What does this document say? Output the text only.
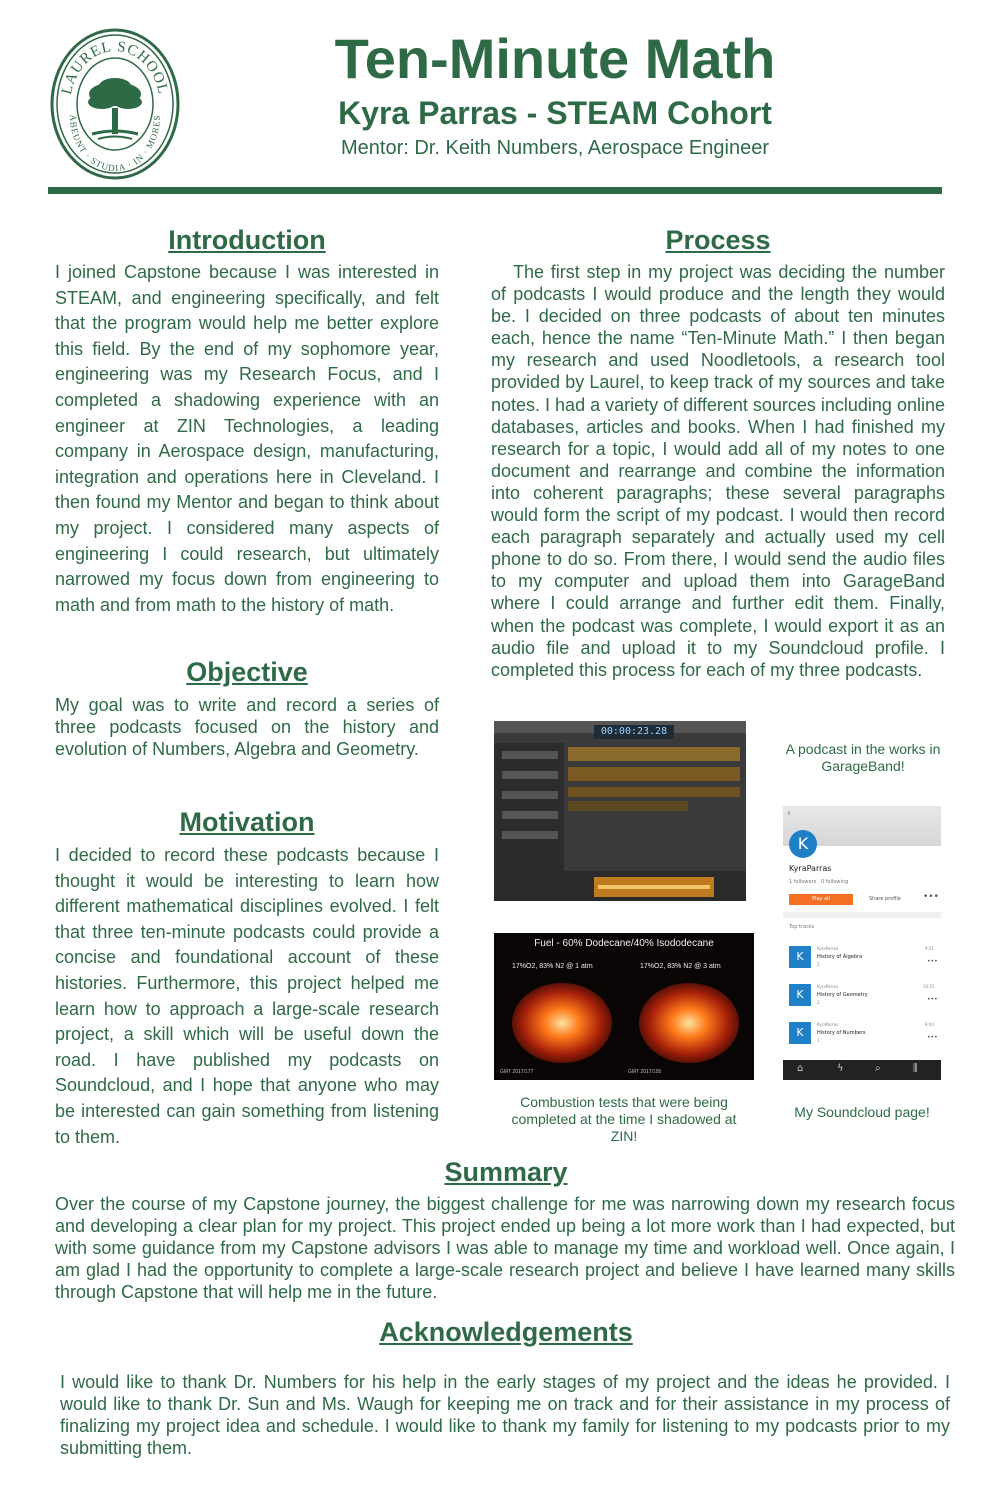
LAUREL SCHOOL
ABEUNT · STUDIA · IN · MORES
Ten-Minute Math
Kyra Parras - STEAM Cohort

Mentor: Dr. Keith Numbers, Aerospace Engineer

Introduction

I joined Capstone because I was interested in STEAM, and engineering specifically, and felt that the program would help me better explore this field. By the end of my sophomore year, engineering was my Research Focus, and I completed a shadowing experience with an engineer at ZIN Technologies, a leading company in Aerospace design, manufacturing, integration and operations here in Cleveland. I then found my Mentor and began to think about my project. I considered many aspects of engineering I could research, but ultimately narrowed my focus down from engineering to math and from math to the history of math.

Objective

My goal was to write and record a series of three podcasts focused on the history and evolution of Numbers, Algebra and Geometry.

Motivation

I decided to record these podcasts because I thought it would be interesting to learn how different mathematical disciplines evolved. I felt that three ten-minute podcasts could provide a concise and foundational account of these histories. Furthermore, this project helped me learn how to approach a large-scale research project, a skill which will be useful down the road. I have published my podcasts on Soundcloud, and I hope that anyone who may be interested can gain something from listening to them.

Process

The first step in my project was deciding the number of podcasts I would produce and the length they would be. I decided on three podcasts of about ten minutes each, hence the name “Ten-Minute Math.” I then began my research and used Noodletools, a research tool provided by Laurel, to keep track of my sources and take notes. I had a variety of different sources including online databases, articles and books. When I had finished my research for a topic, I would add all of my notes to one document and rearrange and combine the information into coherent paragraphs; these several paragraphs would form the script of my podcast. I would then record each paragraph separately and actually used my cell phone to do so. From there, I would send the audio files to my computer and upload them into GarageBand where I could arrange and further edit them. Finally, when the podcast was complete, I would export it as an audio file and upload it to my Soundcloud profile. I completed this process for each of my three podcasts.

00:00:23.28

A podcast in the works in GarageBand!

Fuel - 60% Dodecane/40% Isododecane
17%O2, 83% N2 @ 1 atm	17%O2, 83% N2 @ 3 atm
GMT 2017/177	GMT 2017/195

Combustion tests that were being completed at the time I shadowed at ZIN!

‹
K
KyraParras
1 followers 0 following
Play all	Share profile •••
Top tracks
K
KyraParras
History of Algebra
2
9:21
•••
K
KyraParras
History of Geometry
2
10:21
•••
K
KyraParras
History of Numbers
1
8:44
•••
⌂	ϟ	⌕	⫼

My Soundcloud page!

Summary

Over the course of my Capstone journey, the biggest challenge for me was narrowing down my research focus and developing a clear plan for my project. This project ended up being a lot more work than I had expected, but with some guidance from my Capstone advisors I was able to manage my time and workload well. Once again, I am glad I had the opportunity to complete a large-scale research project and believe I have learned many skills through Capstone that will help me in the future.

Acknowledgements

I would like to thank Dr. Numbers for his help in the early stages of my project and the ideas he provided. I would like to thank Dr. Sun and Ms. Waugh for keeping me on track and for their assistance in my process of finalizing my project idea and schedule. I would like to thank my family for listening to my podcasts prior to my submitting them.
